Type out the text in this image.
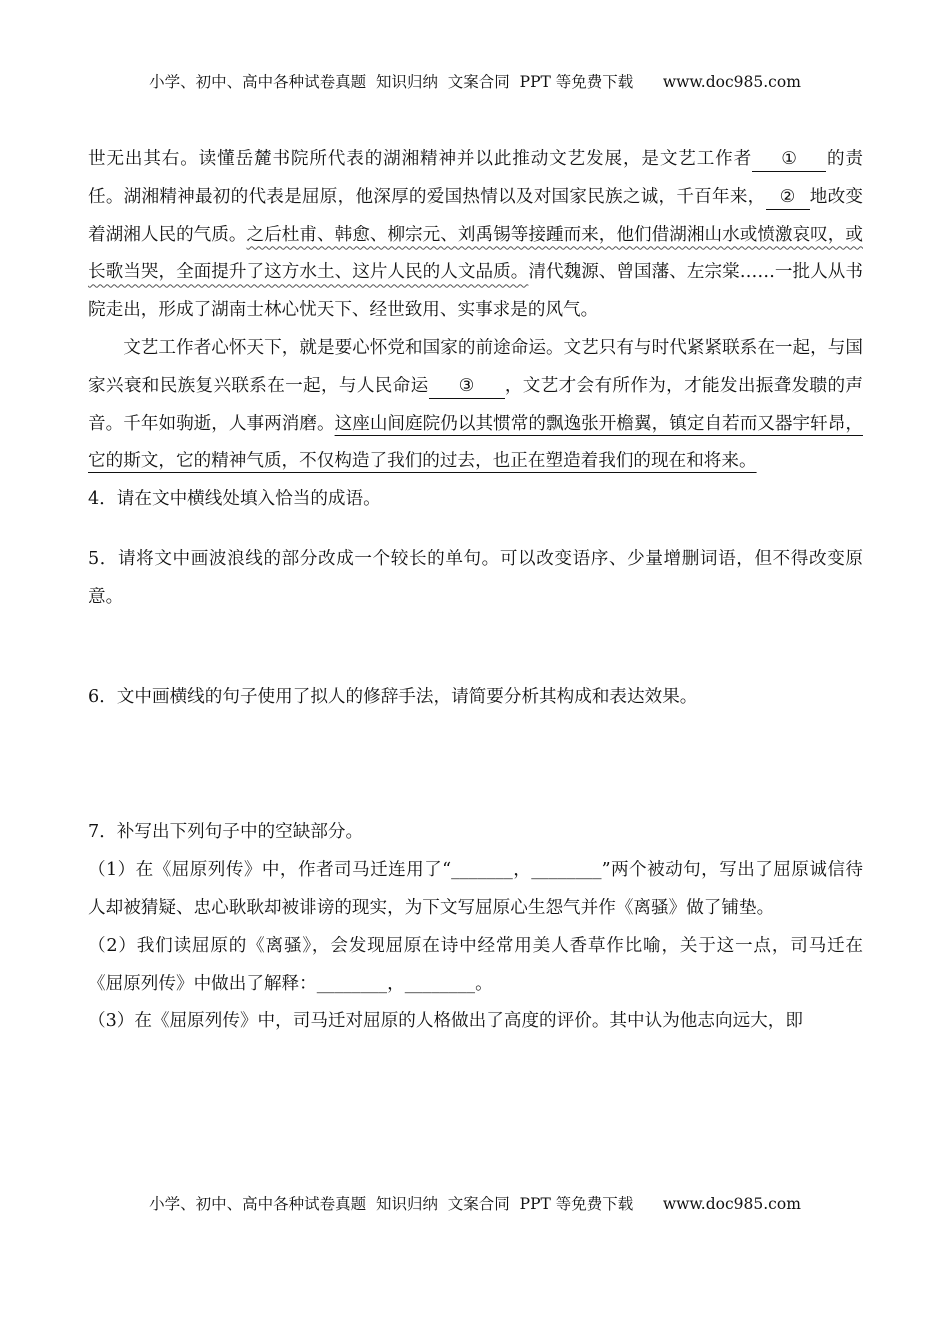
小学、初中、高中各种试卷真题  知识归纳  文案合同  PPT 等免费下载      www.doc985.com

世无出其右。读懂岳麓书院所代表的湖湘精神并以此推动文艺发展，是文艺工作者 ① 的责任。湖湘精神最初的代表是屈原，他深厚的爱国热情以及对国家民族之诚，千百年来， ② 地改变着湖湘人民的气质。之后杜甫、韩愈、柳宗元、刘禹锡等接踵而来，他们借湖湘山水或愤激哀叹，或长歌当哭，全面提升了这方水土、这片人民的人文品质。清代魏源、曾国藩、左宗棠……一批人从书院走出，形成了湖南士林心忧天下、经世致用、实事求是的风气。

文艺工作者心怀天下，就是要心怀党和国家的前途命运。文艺只有与时代紧紧联系在一起，与国家兴衰和民族复兴联系在一起，与人民命运 ③ ，文艺才会有所作为，才能发出振聋发聩的声音。千年如驹逝，人事两消磨。这座山间庭院仍以其惯常的飘逸张开檐翼，镇定自若而又器宇轩昂，它的斯文，它的精神气质，不仅构造了我们的过去，也正在塑造着我们的现在和将来。

4．请在文中横线处填入恰当的成语。

5．请将文中画波浪线的部分改成一个较长的单句。可以改变语序、少量增删词语，但不得改变原意。

6．文中画横线的句子使用了拟人的修辞手法，请简要分析其构成和表达效果。

7．补写出下列句子中的空缺部分。

（1）在《屈原列传》中，作者司马迁连用了“_______，________”两个被动句，写出了屈原诚信待人却被猜疑、忠心耿耿却被诽谤的现实，为下文写屈原心生怨气并作《离骚》做了铺垫。

（2）我们读屈原的《离骚》，会发现屈原在诗中经常用美人香草作比喻，关于这一点，司马迁在《屈原列传》中做出了解释：________，________。

（3）在《屈原列传》中，司马迁对屈原的人格做出了高度的评价。其中认为他志向远大，即

小学、初中、高中各种试卷真题  知识归纳  文案合同  PPT 等免费下载      www.doc985.com
